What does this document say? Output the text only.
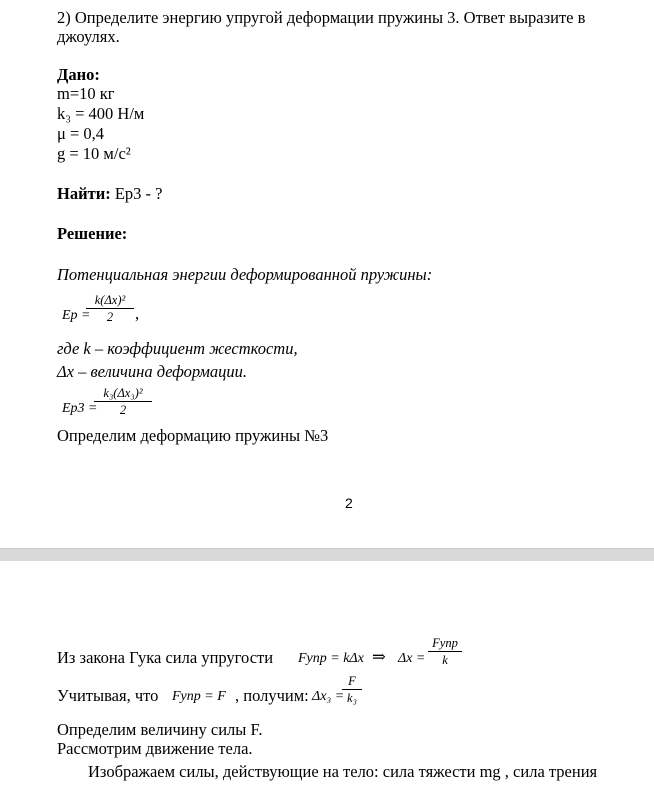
2) Определите энергию упругой деформации пружины 3. Ответ выразите в
джоулях.
Дано:
m=10 кг
k₃ = 400 Н/м
μ = 0,4
g = 10 м/с²
Найти: Eр3 - ?
Решение:
Потенциальная энергии деформированной пружины:
Ep =
k(Δx)²
2	,
где k – коэффициент жесткости,
Δx – величина деформации.
Ep3 =
k₃(Δx₃)²
2
Определим деформацию пружины №3
2
Из закона Гука сила упругости Fупр = kΔx ⇒ Δx =
Fупр
k
Учитывая, что Fупр = F , получим: Δx₃ =
F
k₃
Определим величину силы F.
Рассмотрим движение тела.
Изображаем силы, действующие на тело: сила тяжести mg , сила трения
